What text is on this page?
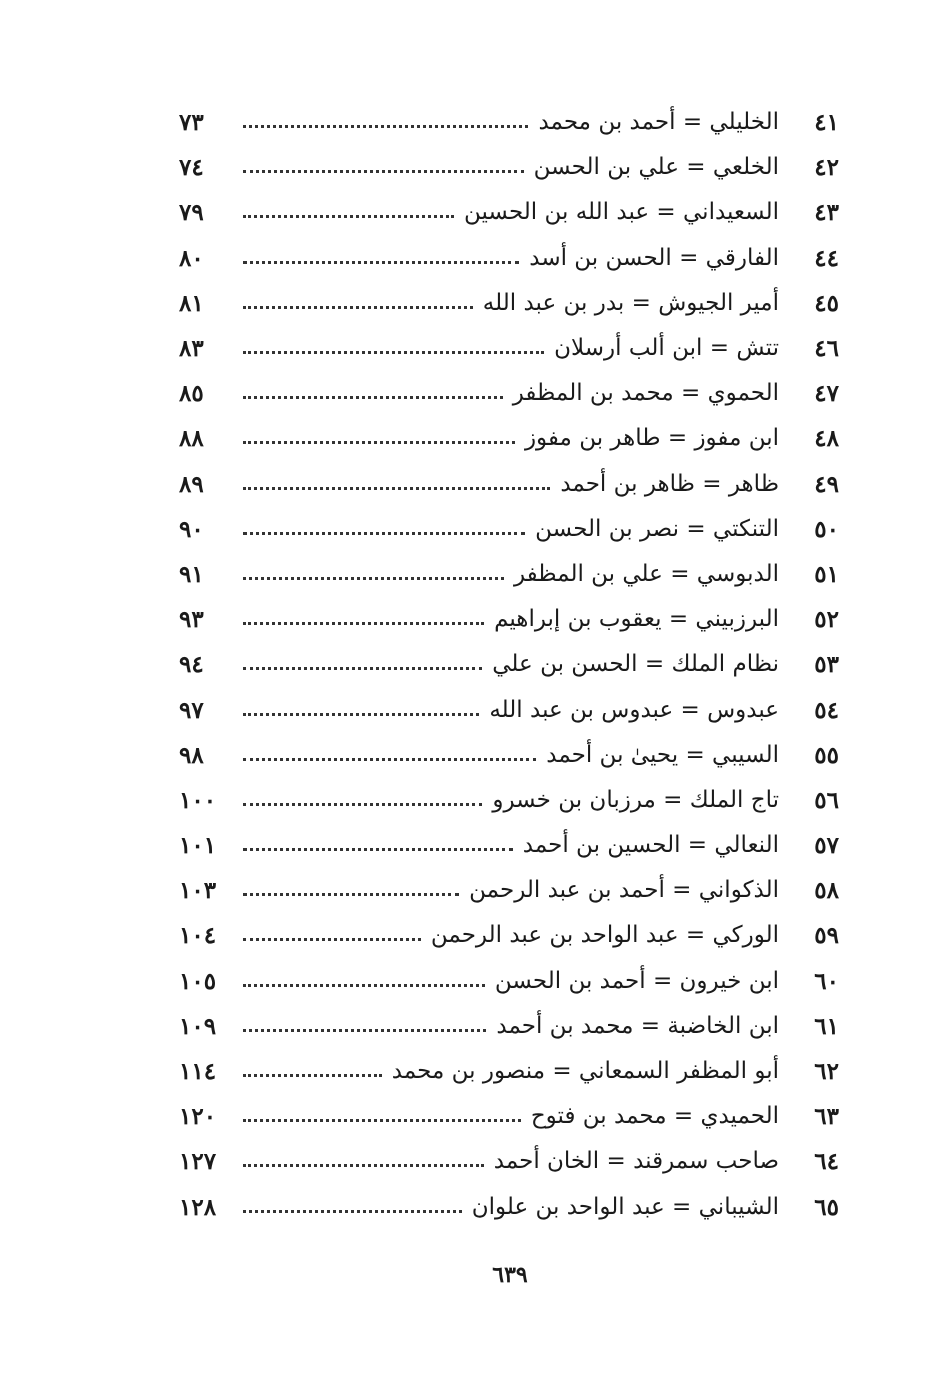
٤١
الخليلي = أحمد بن محمد
٧٣
٤٢
الخلعي = علي بن الحسن
٧٤
٤٣
السعيداني = عبد الله بن الحسين
٧٩
٤٤
الفارقي = الحسن بن أسد
٨٠
٤٥
أمير الجيوش = بدر بن عبد الله
٨١
٤٦
تتش = ابن ألب أرسلان
٨٣
٤٧
الحموي = محمد بن المظفر
٨٥
٤٨
ابن مفوز = طاهر بن مفوز
٨٨
٤٩
ظاهر = ظاهر بن أحمد
٨٩
٥٠
التنكتي = نصر بن الحسن
٩٠
٥١
الدبوسي = علي بن المظفر
٩١
٥٢
البرزبيني = يعقوب بن إبراهيم
٩٣
٥٣
نظام الملك = الحسن بن علي
٩٤
٥٤
عبدوس = عبدوس بن عبد الله
٩٧
٥٥
السيبي = يحيىٰ بن أحمد
٩٨
٥٦
تاج الملك = مرزبان بن خسرو
١٠٠
٥٧
النعالي = الحسين بن أحمد
١٠١
٥٨
الذكواني = أحمد بن عبد الرحمن
١٠٣
٥٩
الوركي = عبد الواحد بن عبد الرحمن
١٠٤
٦٠
ابن خيرون = أحمد بن الحسن
١٠٥
٦١
ابن الخاضبة = محمد بن أحمد
١٠٩
٦٢
أبو المظفر السمعاني = منصور بن محمد
١١٤
٦٣
الحميدي = محمد بن فتوح
١٢٠
٦٤
صاحب سمرقند = الخان أحمد
١٢٧
٦٥
الشيباني = عبد الواحد بن علوان
١٢٨
٦٣٩
